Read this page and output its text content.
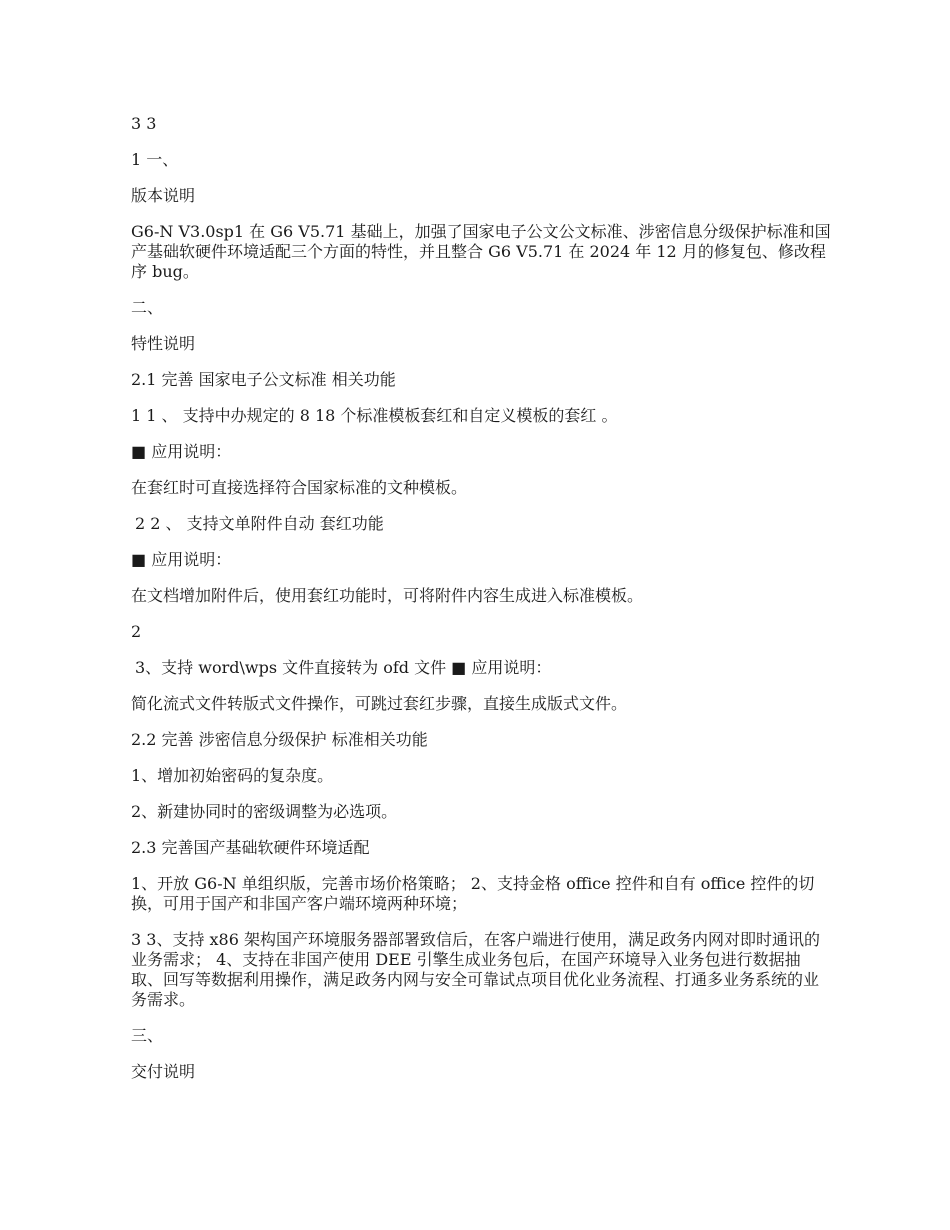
3 3

1 一、

版本说明

G6-N V3.0sp1 在 G6 V5.71 基础上，加强了国家电子公文公文标准、涉密信息分级保护标准和国产基础软硬件环境适配三个方面的特性，并且整合 G6 V5.71 在 2024 年 12 月的修复包、修改程序 bug。

二、

特性说明

2.1 完善 国家电子公文标准 相关功能

1 1 、 支持中办规定的 8 18 个标准模板套红和自定义模板的套红 。

■ 应用说明：

在套红时可直接选择符合国家标准的文种模板。

2 2 、 支持文单附件自动 套红功能

■ 应用说明：

在文档增加附件后，使用套红功能时，可将附件内容生成进入标准模板。

2

3、支持 word\wps 文件直接转为 ofd 文件 ■ 应用说明：

简化流式文件转版式文件操作，可跳过套红步骤，直接生成版式文件。

2.2 完善 涉密信息分级保护 标准相关功能

1、增加初始密码的复杂度。

2、新建协同时的密级调整为必选项。

2.3 完善国产基础软硬件环境适配

1、开放 G6-N 单组织版，完善市场价格策略； 2、支持金格 office 控件和自有 office 控件的切换，可用于国产和非国产客户端环境两种环境；

3 3、支持 x86 架构国产环境服务器部署致信后，在客户端进行使用，满足政务内网对即时通讯的业务需求； 4、支持在非国产使用 DEE 引擎生成业务包后，在国产环境导入业务包进行数据抽取、回写等数据利用操作，满足政务内网与安全可靠试点项目优化业务流程、打通多业务系统的业务需求。

三、

交付说明
